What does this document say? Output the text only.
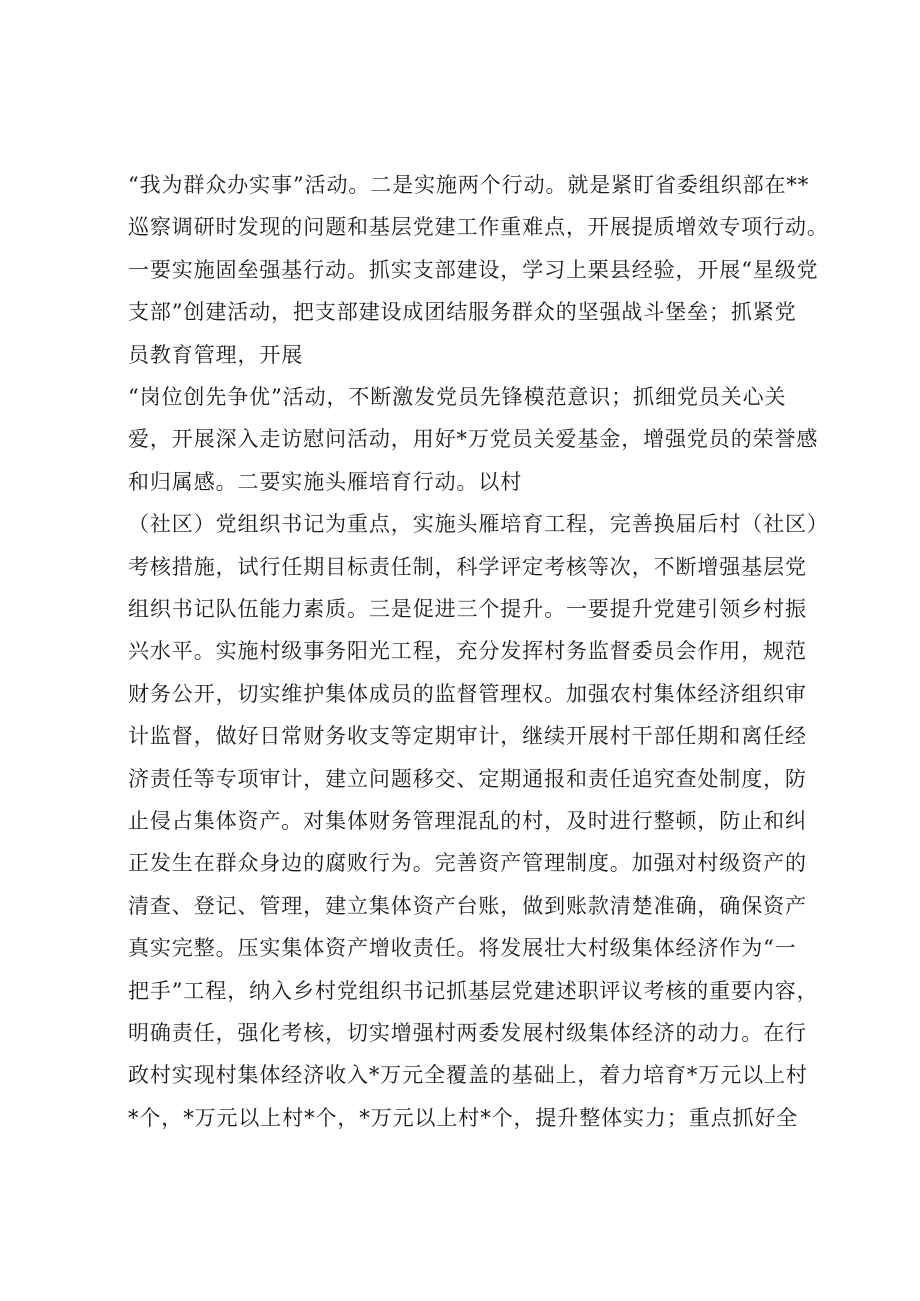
“我为群众办实事”活动。二是实施两个行动。就是紧盯省委组织部在**
巡察调研时发现的问题和基层党建工作重难点，开展提质增效专项行动。
一要实施固垒强基行动。抓实支部建设，学习上栗县经验，开展“星级党
支部”创建活动，把支部建设成团结服务群众的坚强战斗堡垒；抓紧党
员教育管理，开展
“岗位创先争优”活动，不断激发党员先锋模范意识；抓细党员关心关
爱，开展深入走访慰问活动，用好*万党员关爱基金，增强党员的荣誉感
和归属感。二要实施头雁培育行动。以村
（社区）党组织书记为重点，实施头雁培育工程，完善换届后村（社区）
考核措施，试行任期目标责任制，科学评定考核等次，不断增强基层党
组织书记队伍能力素质。三是促进三个提升。一要提升党建引领乡村振
兴水平。实施村级事务阳光工程，充分发挥村务监督委员会作用，规范
财务公开，切实维护集体成员的监督管理权。加强农村集体经济组织审
计监督，做好日常财务收支等定期审计，继续开展村干部任期和离任经
济责任等专项审计，建立问题移交、定期通报和责任追究查处制度，防
止侵占集体资产。对集体财务管理混乱的村，及时进行整顿，防止和纠
正发生在群众身边的腐败行为。完善资产管理制度。加强对村级资产的
清查、登记、管理，建立集体资产台账，做到账款清楚准确，确保资产
真实完整。压实集体资产增收责任。将发展壮大村级集体经济作为“一
把手”工程，纳入乡村党组织书记抓基层党建述职评议考核的重要内容，
明确责任，强化考核，切实增强村两委发展村级集体经济的动力。在行
政村实现村集体经济收入*万元全覆盖的基础上，着力培育*万元以上村
*个，*万元以上村*个，*万元以上村*个，提升整体实力；重点抓好全
